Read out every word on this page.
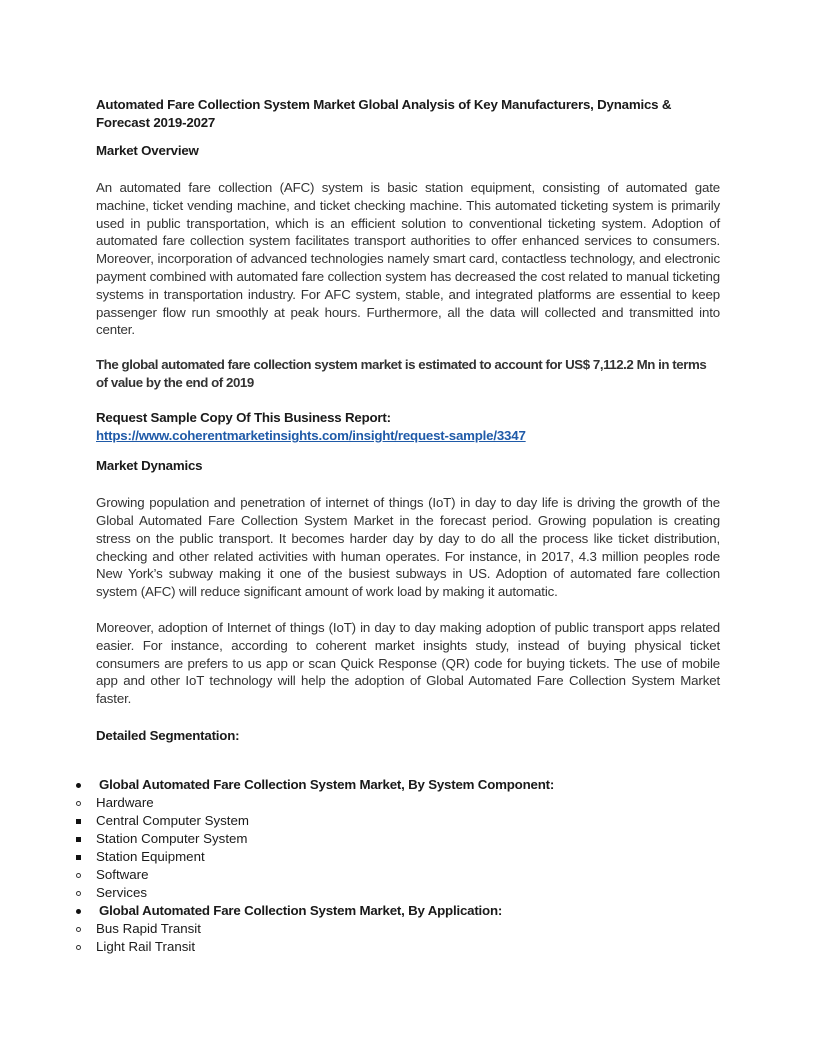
Automated Fare Collection System Market Global Analysis of Key Manufacturers, Dynamics & Forecast 2019-2027
Market Overview

An automated fare collection (AFC) system is basic station equipment, consisting of automated gate machine, ticket vending machine, and ticket checking machine. This automated ticketing system is primarily used in public transportation, which is an efficient solution to conventional ticketing system. Adoption of automated fare collection system facilitates transport authorities to offer enhanced services to consumers. Moreover, incorporation of advanced technologies namely smart card, contactless technology, and electronic payment combined with automated fare collection system has decreased the cost related to manual ticketing systems in transportation industry. For AFC system, stable, and integrated platforms are essential to keep passenger flow run smoothly at peak hours. Furthermore, all the data will collected and transmitted into center.

The global automated fare collection system market is estimated to account for US$ 7,112.2 Mn in terms of value by the end of 2019

Request Sample Copy Of This Business Report:

https://www.coherentmarketinsights.com/insight/request-sample/3347
Market Dynamics

Growing population and penetration of internet of things (IoT) in day to day life is driving the growth of the Global Automated Fare Collection System Market in the forecast period. Growing population is creating stress on the public transport. It becomes harder day by day to do all the process like ticket distribution, checking and other related activities with human operates. For instance, in 2017, 4.3 million peoples rode New York’s subway making it one of the busiest subways in US. Adoption of automated fare collection system (AFC) will reduce significant amount of work load by making it automatic.

Moreover, adoption of Internet of things (IoT) in day to day making adoption of public transport apps related easier. For instance, according to coherent market insights study, instead of buying physical ticket consumers are prefers to us app or scan Quick Response (QR) code for buying tickets. The use of mobile app and other IoT technology will help the adoption of Global Automated Fare Collection System Market faster.

Detailed Segmentation:
Global Automated Fare Collection System Market, By System Component:
Hardware
Central Computer System
Station Computer System
Station Equipment
Software
Services
Global Automated Fare Collection System Market, By Application:
Bus Rapid Transit
Light Rail Transit
